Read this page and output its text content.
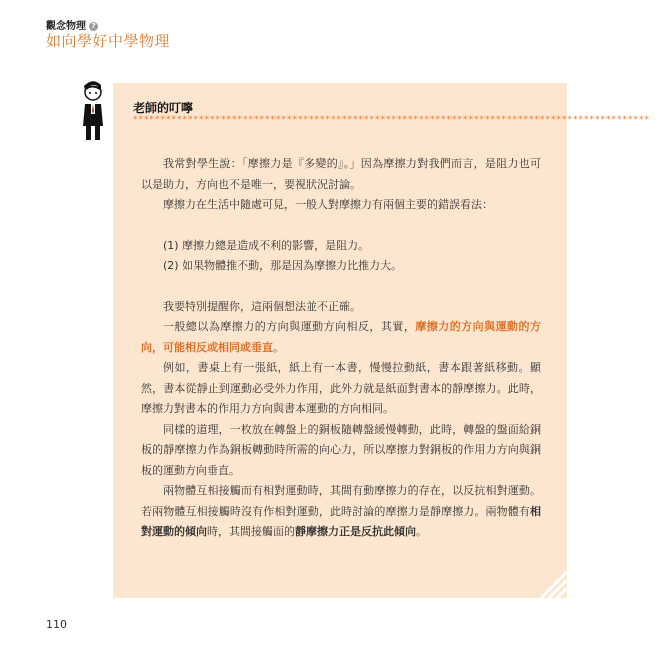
觀念物理 ?
如向學好中學物理
老師的叮嚀
**********************************************************************************************

我常對學生說：「摩擦力是『多變的』。」因為摩擦力對我們而言，是阻力也可以是助力，方向也不是唯一，要視狀況討論。

摩擦力在生活中隨處可見，一般人對摩擦力有兩個主要的錯誤看法：

(1) 摩擦力總是造成不利的影響，是阻力。

(2) 如果物體推不動，那是因為摩擦力比推力大。

我要特別提醒你，這兩個想法並不正確。

一般總以為摩擦力的方向與運動方向相反，其實，摩擦力的方向與運動的方向，可能相反或相同或垂直。

例如，書桌上有一張紙，紙上有一本書，慢慢拉動紙，書本跟著紙移動。顯然，書本從靜止到運動必受外力作用，此外力就是紙面對書本的靜摩擦力。此時，摩擦力對書本的作用力方向與書本運動的方向相同。

同樣的道理，一枚放在轉盤上的銅板隨轉盤緩慢轉動，此時，轉盤的盤面給銅板的靜摩擦力作為銅板轉動時所需的向心力，所以摩擦力對銅板的作用力方向與銅板的運動方向垂直。

兩物體互相接觸而有相對運動時，其間有動摩擦力的存在，以反抗相對運動。若兩物體互相接觸時沒有作相對運動，此時討論的摩擦力是靜摩擦力。兩物體有相對運動的傾向時，其間接觸面的靜摩擦力正是反抗此傾向。

110
